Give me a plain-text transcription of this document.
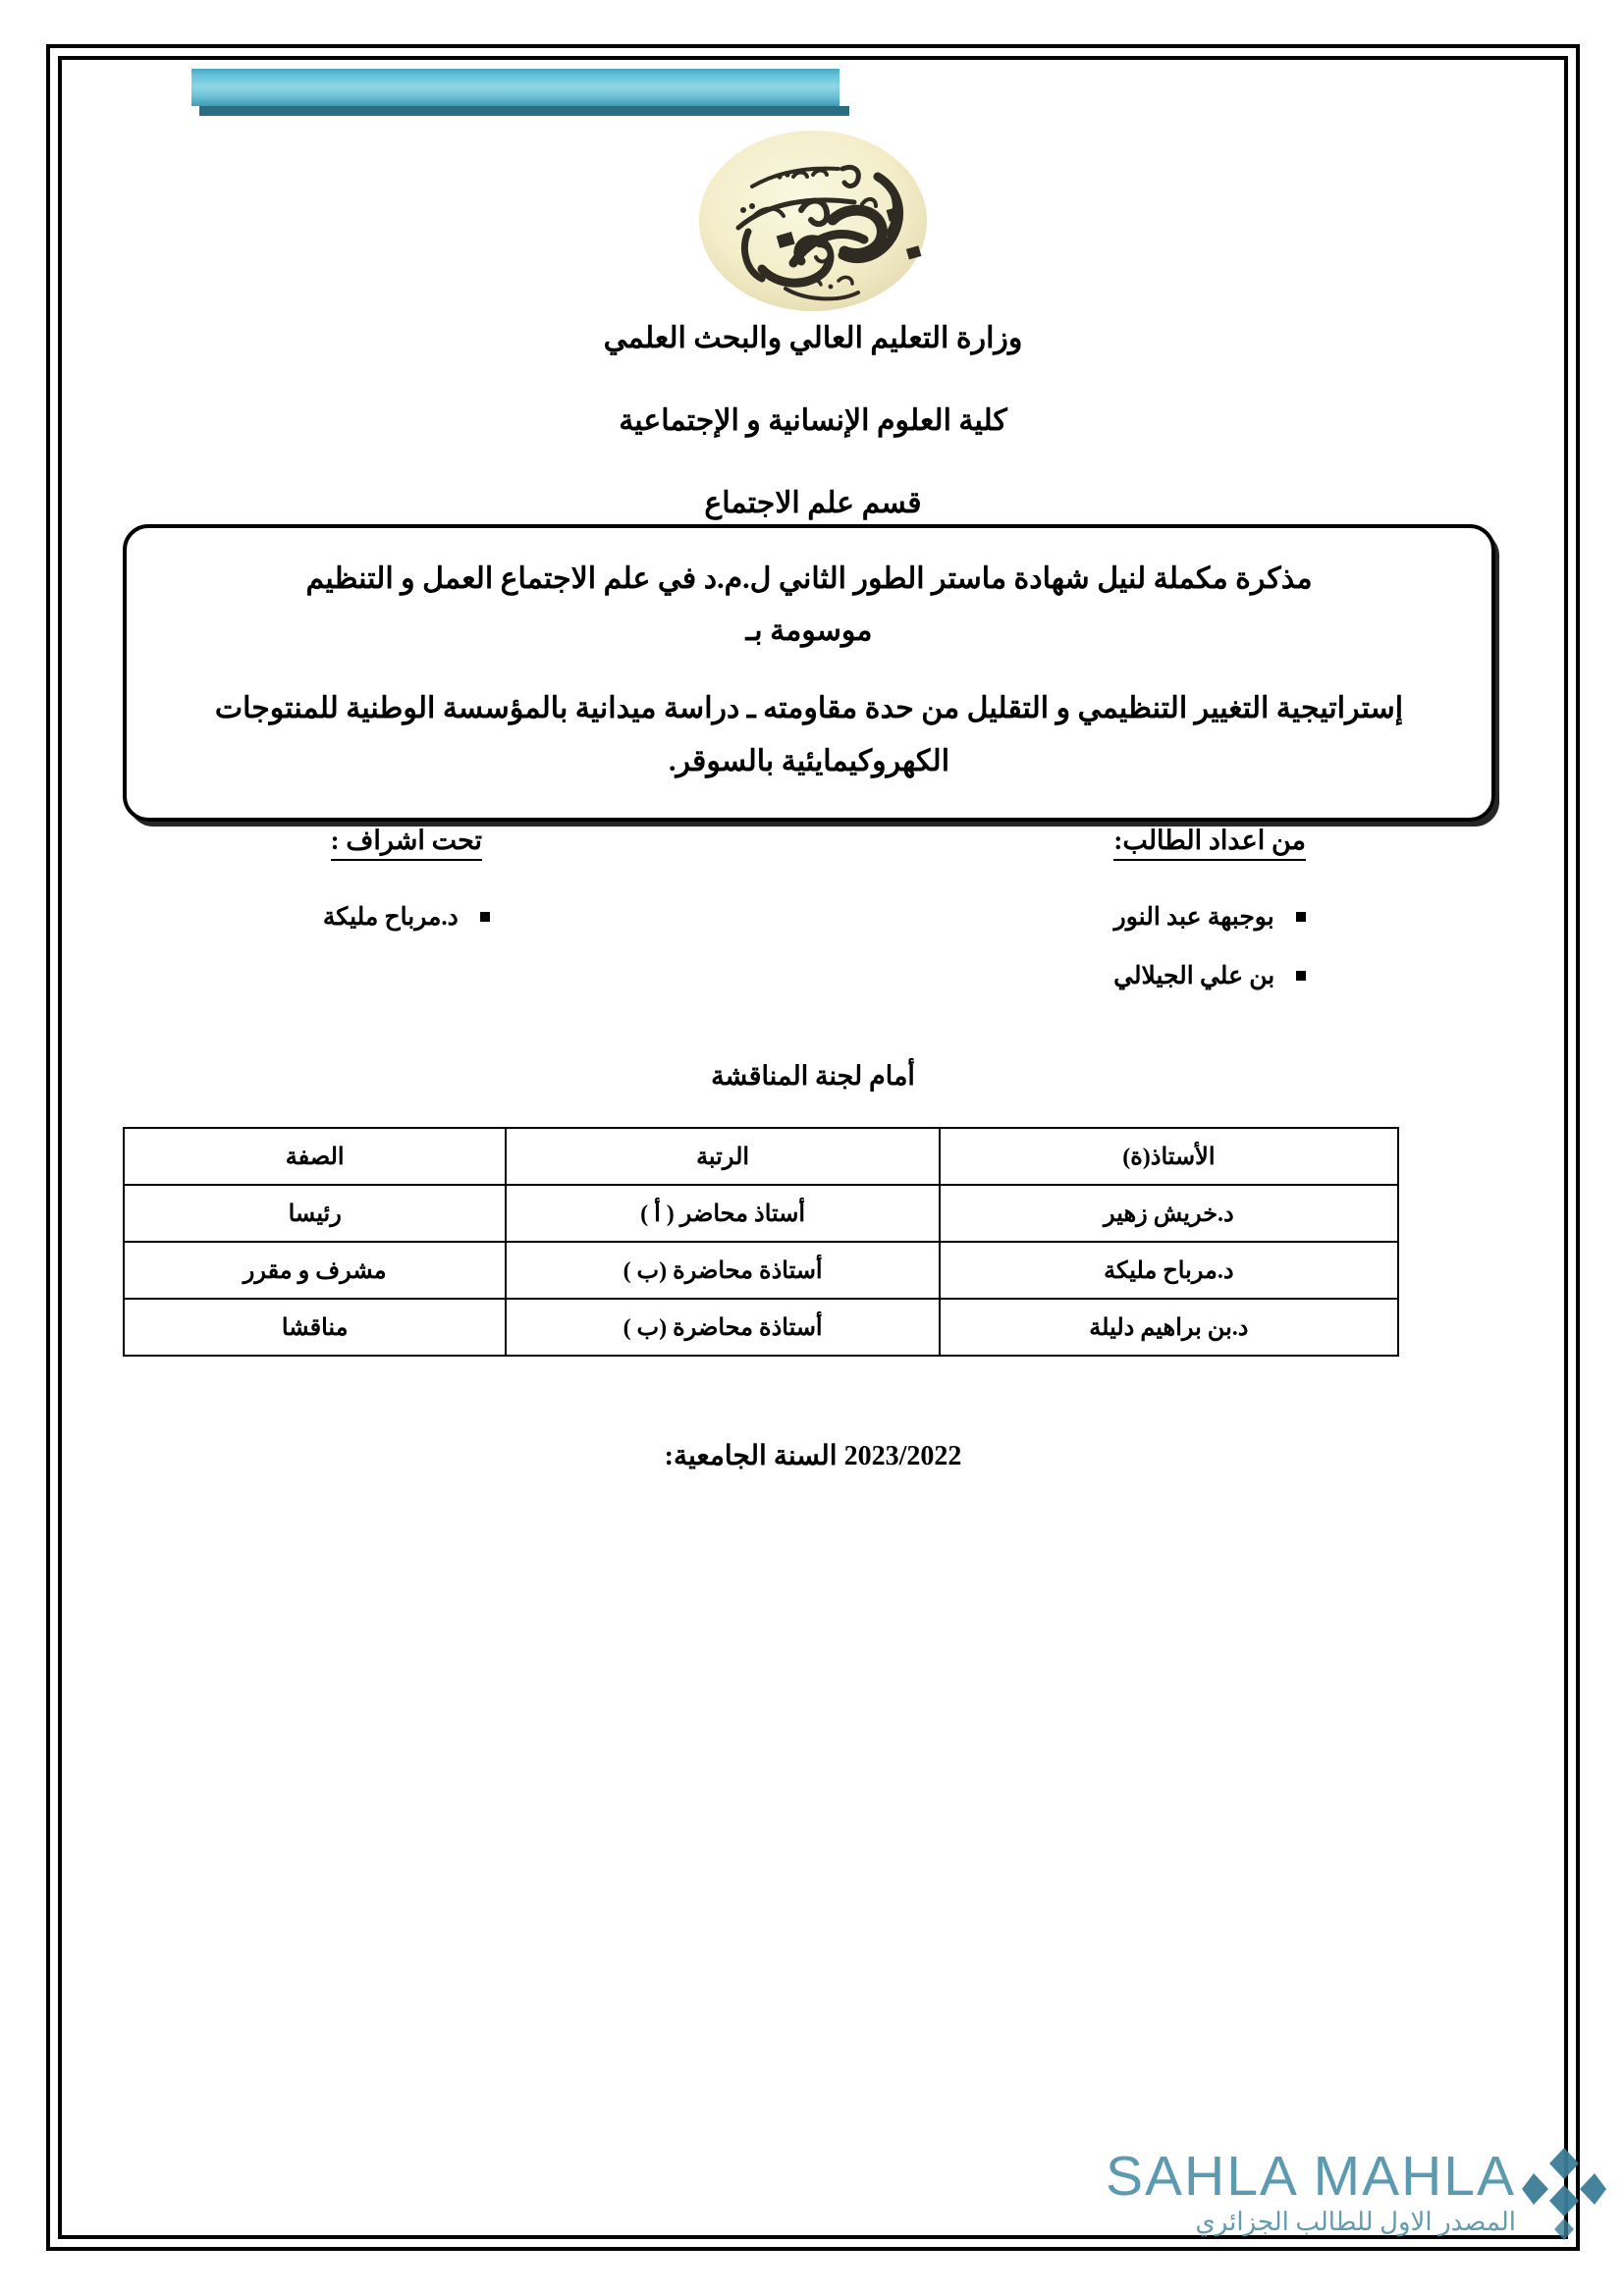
وزارة التعليم العالي والبحث العلمي
كلية العلوم الإنسانية و الإجتماعية
قسم علم الاجتماع
مذكرة مكملة لنيل شهادة ماستر الطور الثاني ل.م.د في علم الاجتماع العمل و التنظيم
موسومة بـ
إستراتيجية التغيير التنظيمي و التقليل من حدة مقاومته ـ دراسة ميدانية بالمؤسسة الوطنية للمنتوجات الكهروكيمايئية بالسوقر.
من اعداد الطالب:
بوجبهة عبد النور
بن علي الجيلالي
تحت اشراف :
د.مرباح مليكة
أمام لجنة المناقشة
الأستاذ(ة)	الرتبة	الصفة
د.خريش زهير	أستاذ محاضر ( أ )	رئيسا
د.مرباح مليكة	أستاذة محاضرة (ب )	مشرف و مقرر
د.بن براهيم دليلة	أستاذة محاضرة (ب )	مناقشا
2023/2022 السنة الجامعية:
SAHLA MAHLA
المصدر الاول للطالب الجزائري
